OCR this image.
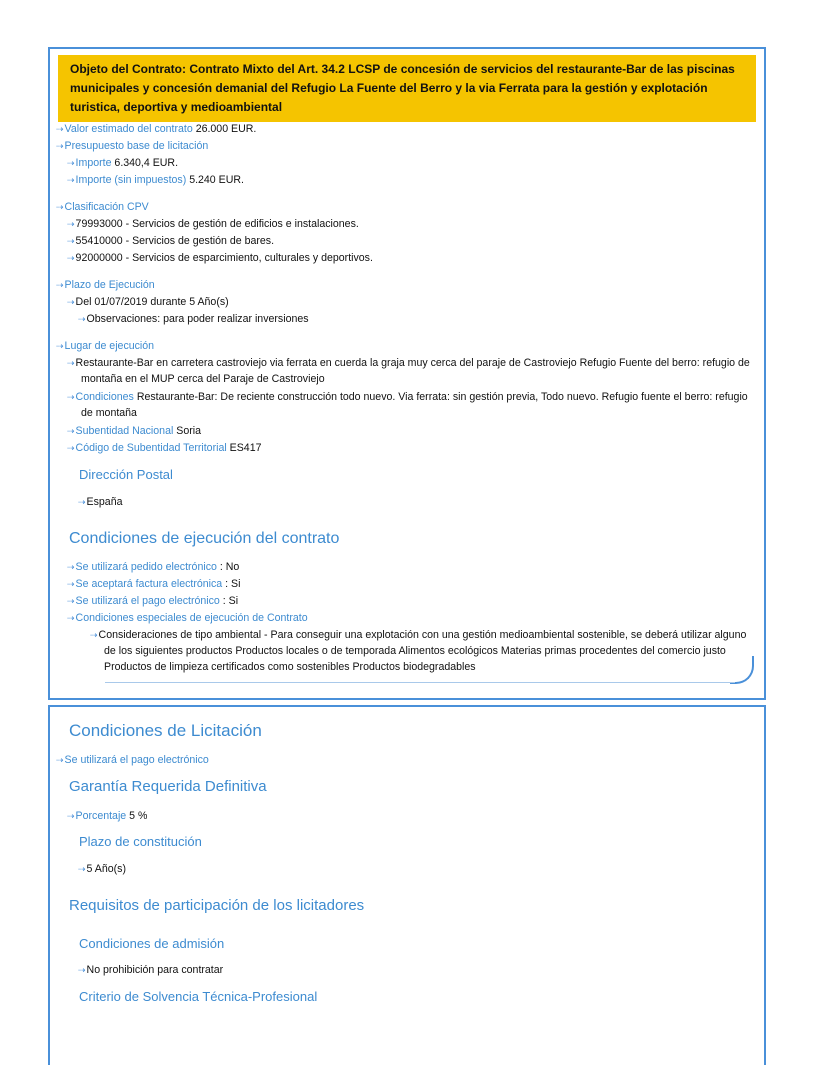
Objeto del Contrato: Contrato Mixto del Art. 34.2 LCSP de concesión de servicios del restaurante-Bar de las piscinas municipales y concesión demanial del Refugio La Fuente del Berro y la via Ferrata para la gestión y explotación turistica, deportiva y medioambiental

⇢Valor estimado del contrato 26.000 EUR.
⇢Presupuesto base de licitación
⇢Importe 6.340,4 EUR.
⇢Importe (sin impuestos) 5.240 EUR.
⇢Clasificación CPV
⇢79993000 - Servicios de gestión de edificios e instalaciones.
⇢55410000 - Servicios de gestión de bares.
⇢92000000 - Servicios de esparcimiento, culturales y deportivos.
⇢Plazo de Ejecución
⇢Del 01/07/2019 durante 5 Año(s)
⇢Observaciones: para poder realizar inversiones
⇢Lugar de ejecución
⇢Restaurante-Bar en carretera castroviejo via ferrata en cuerda la graja muy cerca del paraje de Castroviejo Refugio Fuente del berro: refugio de montaña en el MUP cerca del Paraje de Castroviejo
⇢Condiciones Restaurante-Bar: De reciente construcción todo nuevo. Via ferrata: sin gestión previa, Todo nuevo. Refugio fuente el berro: refugio de montaña
⇢Subentidad Nacional Soria
⇢Código de Subentidad Territorial ES417
Dirección Postal
⇢España
Condiciones de ejecución del contrato
⇢Se utilizará pedido electrónico : No
⇢Se aceptará factura electrónica : Si
⇢Se utilizará el pago electrónico : Si
⇢Condiciones especiales de ejecución de Contrato
⇢Consideraciones de tipo ambiental - Para conseguir una explotación con una gestión medioambiental sostenible, se deberá utilizar alguno de los siguientes productos Productos locales o de temporada Alimentos ecológicos Materias primas procedentes del comercio justo Productos de limpieza certificados como sostenibles Productos biodegradables
Condiciones de Licitación
⇢Se utilizará el pago electrónico
Garantía Requerida Definitiva
⇢Porcentaje 5 %
Plazo de constitución
⇢5 Año(s)
Requisitos de participación de los licitadores
Condiciones de admisión
⇢No prohibición para contratar
Criterio de Solvencia Técnica-Profesional
